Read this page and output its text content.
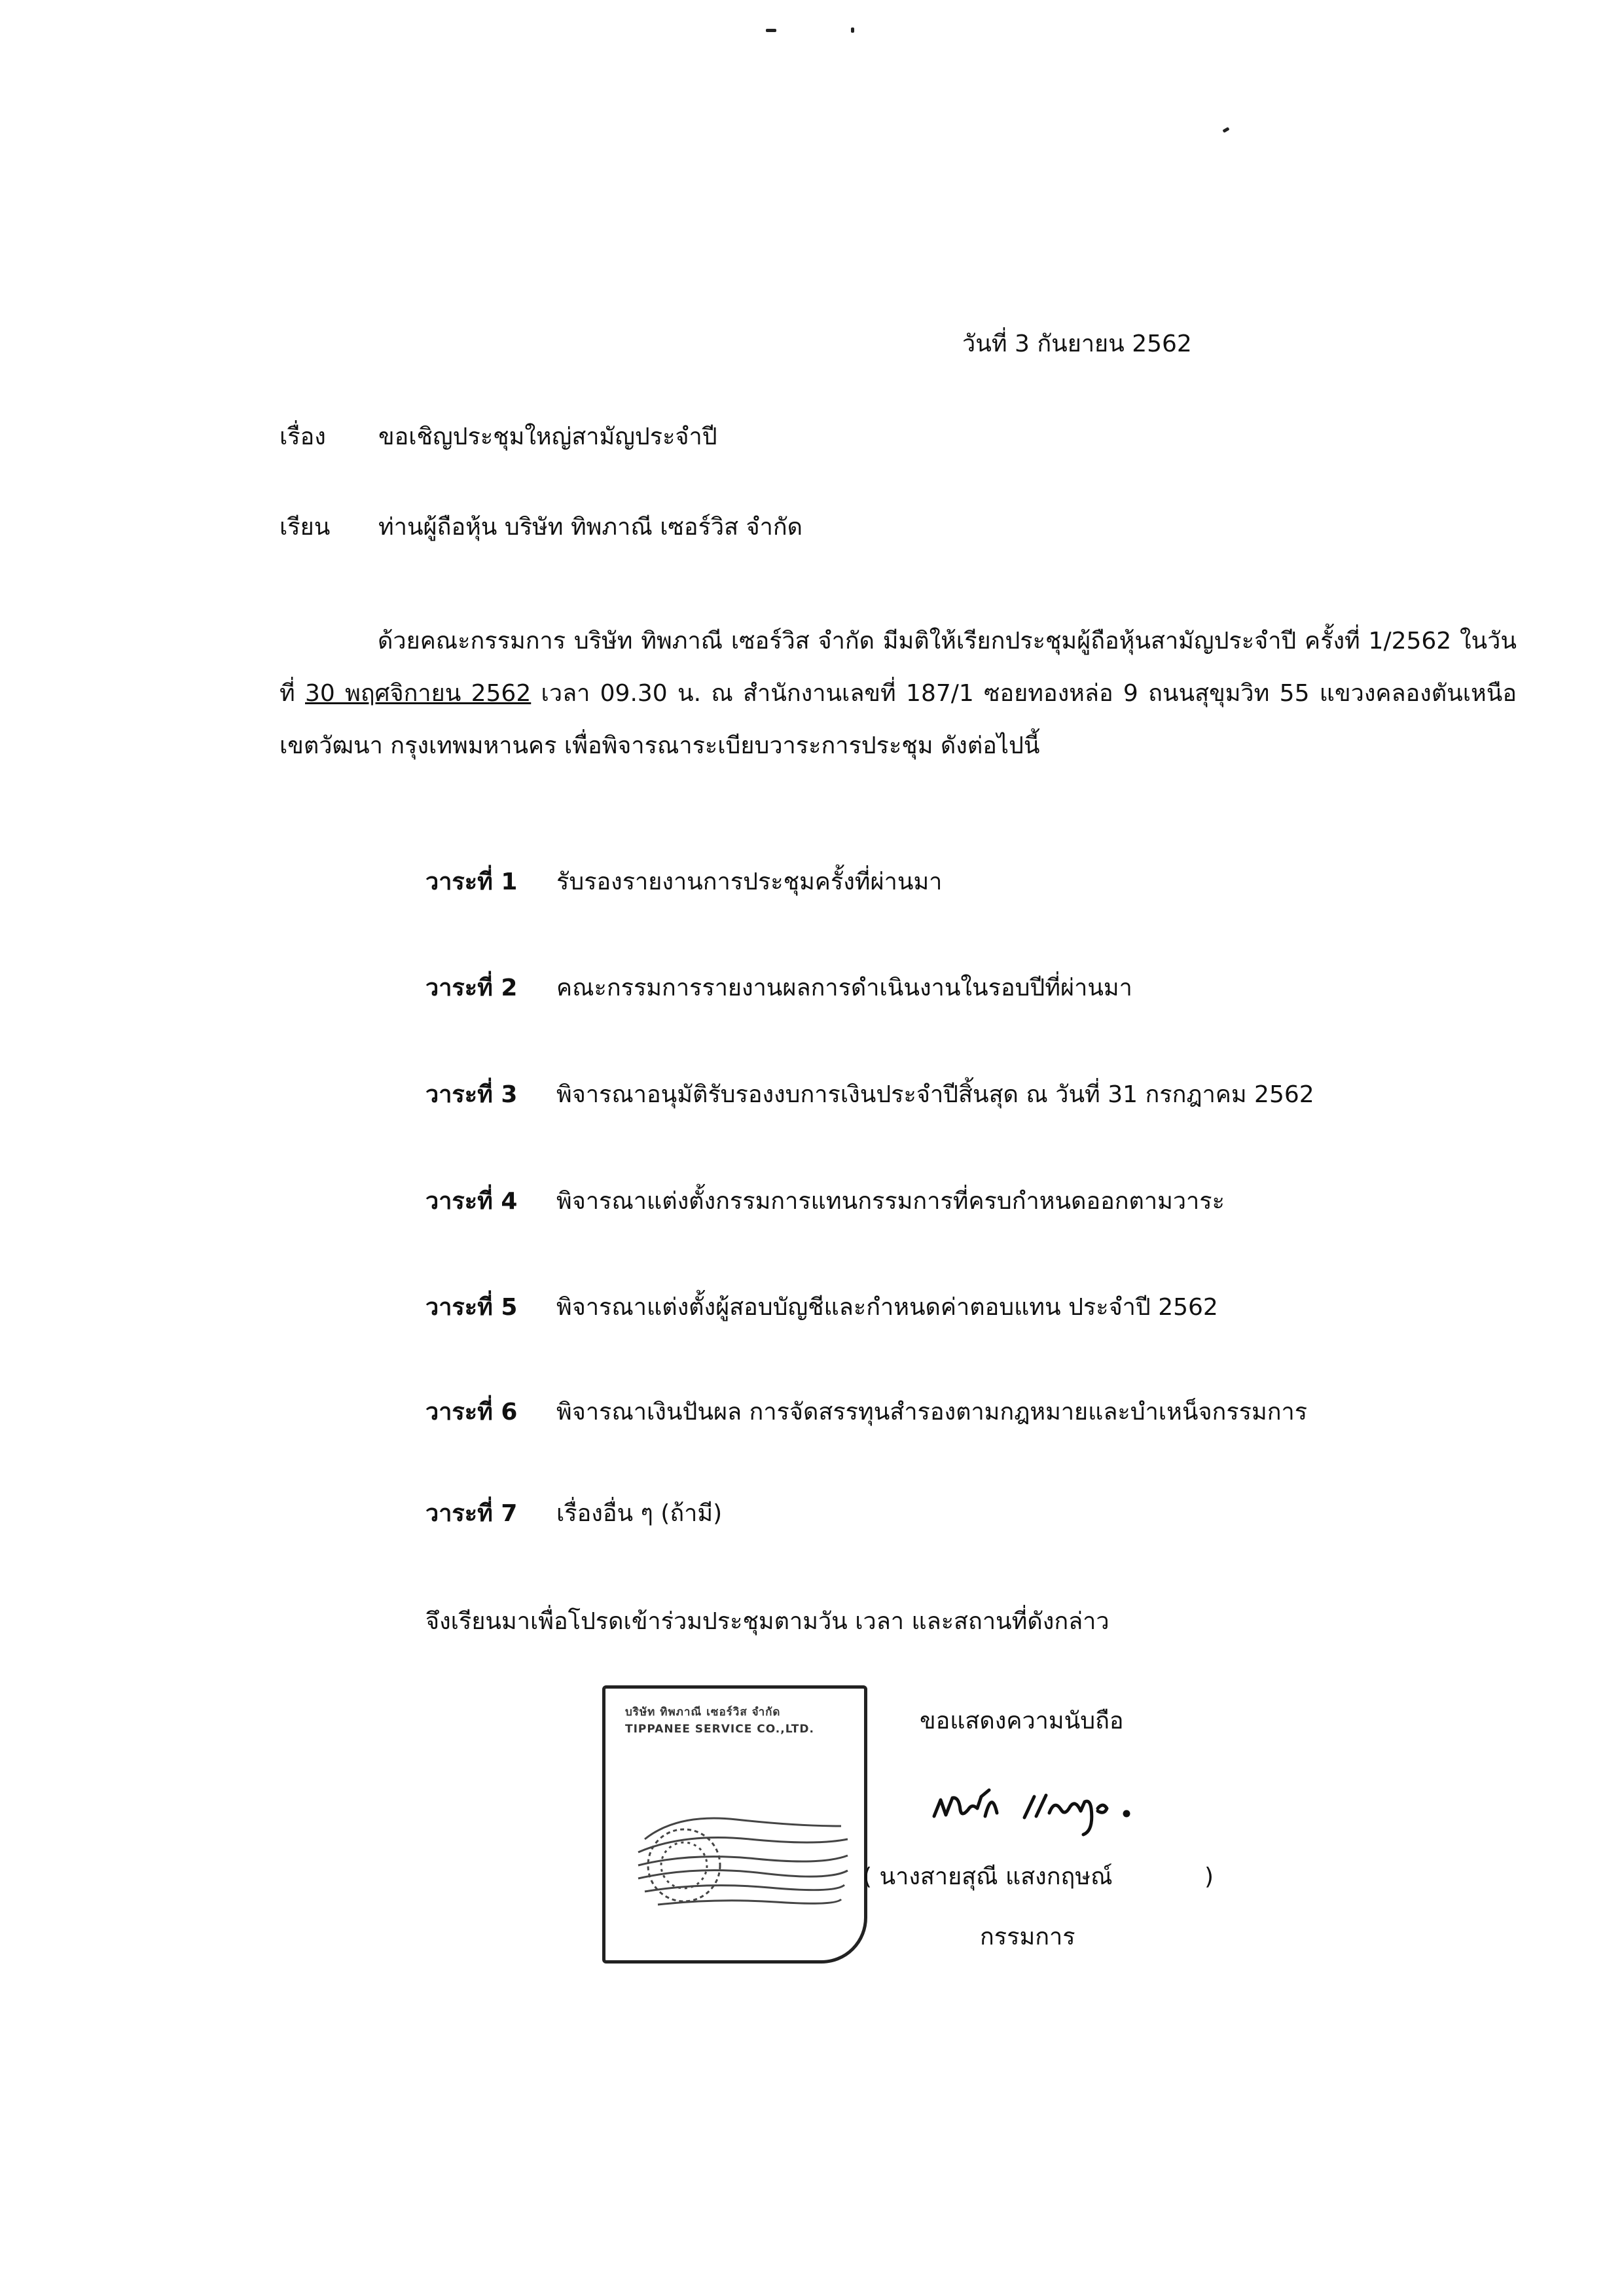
วันที่ 3 กันยายน 2562
เรื่อง ขอเชิญประชุมใหญ่สามัญประจำปี
เรียน ท่านผู้ถือหุ้น บริษัท ทิพภาณี เซอร์วิส จำกัด

ด้วยคณะกรรมการ บริษัท ทิพภาณี เซอร์วิส จำกัด มีมติให้เรียกประชุมผู้ถือหุ้นสามัญประจำปี ครั้งที่ 1/2562 ในวันที่ 30 พฤศจิกายน 2562 เวลา 09.30 น. ณ สำนักงานเลขที่ 187/1 ซอยทองหล่อ 9 ถนนสุขุมวิท 55 แขวงคลองตันเหนือ เขตวัฒนา กรุงเทพมหานคร เพื่อพิจารณาระเบียบวาระการประชุม ดังต่อไปนี้

วาระที่ 1 รับรองรายงานการประชุมครั้งที่ผ่านมา
วาระที่ 2 คณะกรรมการรายงานผลการดำเนินงานในรอบปีที่ผ่านมา
วาระที่ 3 พิจารณาอนุมัติรับรองงบการเงินประจำปีสิ้นสุด ณ วันที่ 31 กรกฎาคม 2562
วาระที่ 4 พิจารณาแต่งตั้งกรรมการแทนกรรมการที่ครบกำหนดออกตามวาระ
วาระที่ 5 พิจารณาแต่งตั้งผู้สอบบัญชีและกำหนดค่าตอบแทน ประจำปี 2562
วาระที่ 6 พิจารณาเงินปันผล การจัดสรรทุนสำรองตามกฎหมายและบำเหน็จกรรมการ
วาระที่ 7 เรื่องอื่น ๆ (ถ้ามี)
จึงเรียนมาเพื่อโปรดเข้าร่วมประชุมตามวัน เวลา และสถานที่ดังกล่าว
บริษัท ทิพภาณี เซอร์วิส จำกัด
TIPPANEE SERVICE CO.,LTD.	ขอแสดงความนับถือ
( นางสายสุณี แสงกฤษณ์	)
กรรมการ
